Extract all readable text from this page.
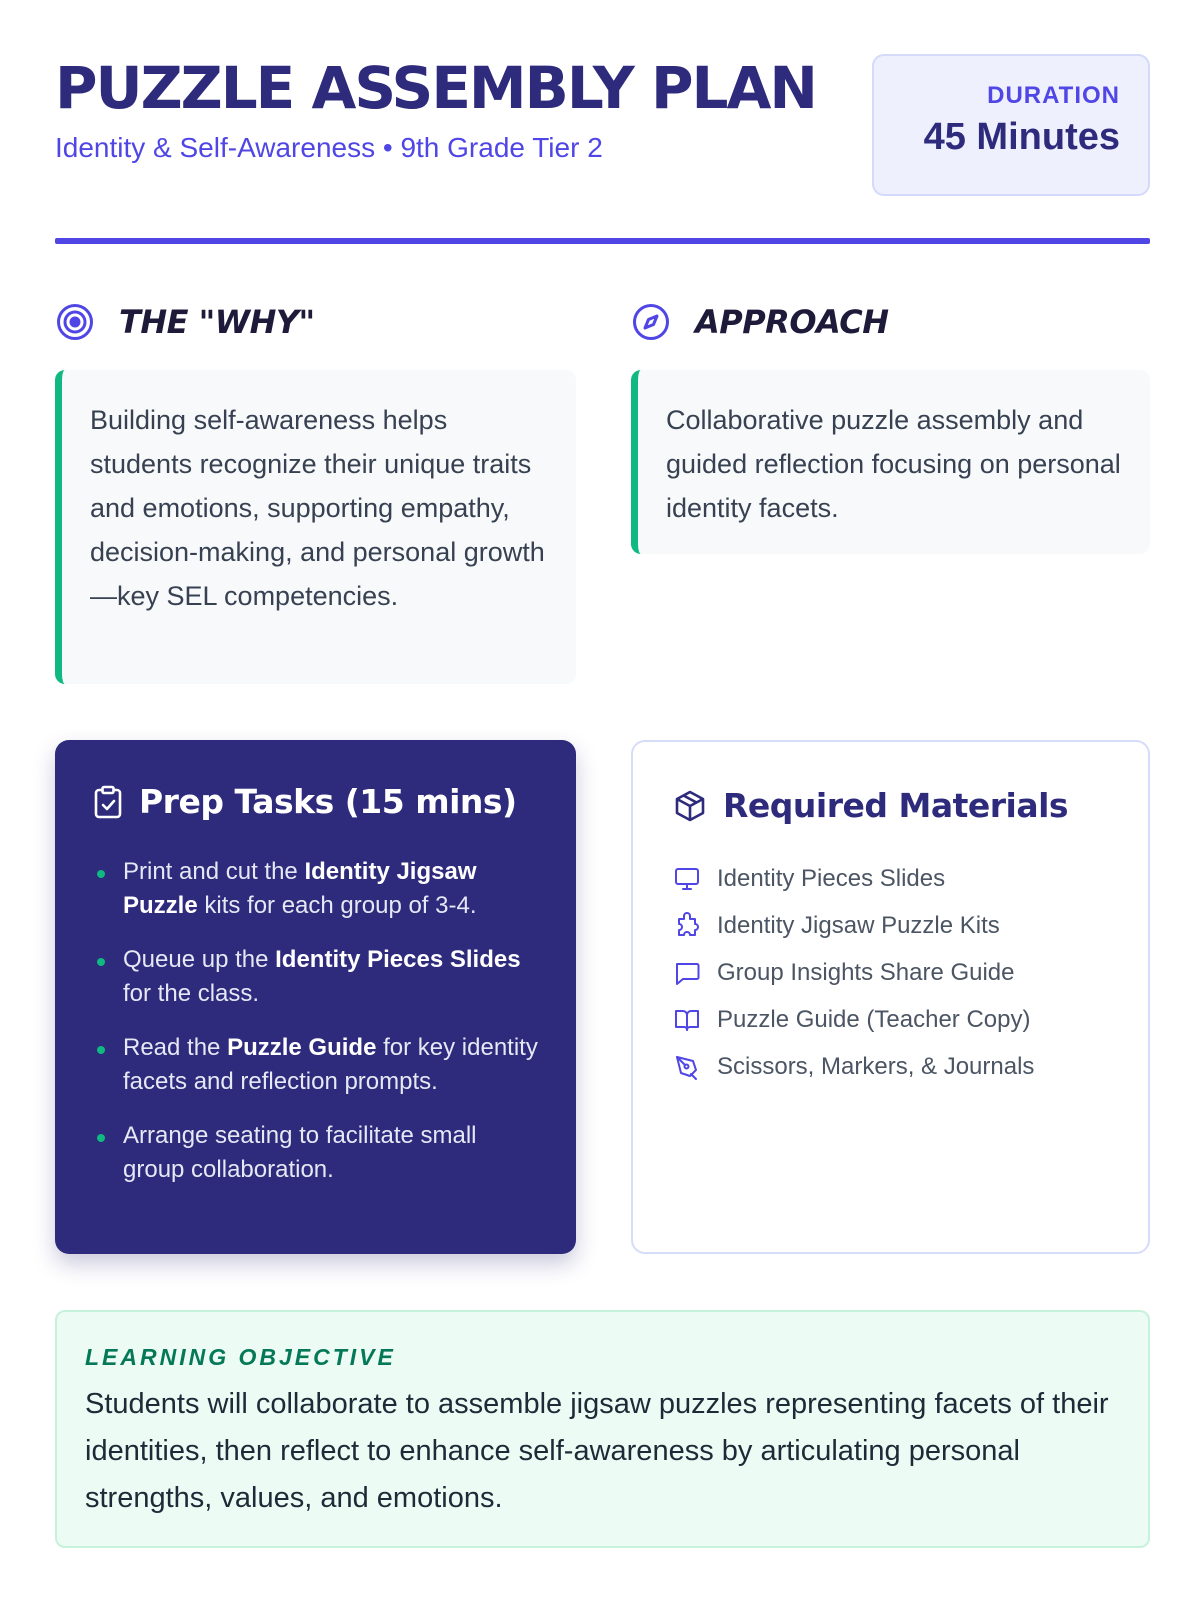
PUZZLE ASSEMBLY PLAN
Identity & Self-Awareness • 9th Grade Tier 2
DURATION
45 Minutes
THE "WHY"

Building self-awareness helps students recognize their unique traits and emotions, supporting empathy, decision-making, and personal growth—key SEL competencies.

APPROACH

Collaborative puzzle assembly and guided reflection focusing on personal identity facets.

Prep Tasks (15 mins)
Print and cut the Identity Jigsaw Puzzle kits for each group of 3-4.
Queue up the Identity Pieces Slides for the class.
Read the Puzzle Guide for key identity facets and reflection prompts.
Arrange seating to facilitate small group collaboration.
Required Materials
Identity Pieces Slides
Identity Jigsaw Puzzle Kits
Group Insights Share Guide
Puzzle Guide (Teacher Copy)
Scissors, Markers, & Journals
LEARNING OBJECTIVE

Students will collaborate to assemble jigsaw puzzles representing facets of their identities, then reflect to enhance self-awareness by articulating personal strengths, values, and emotions.
